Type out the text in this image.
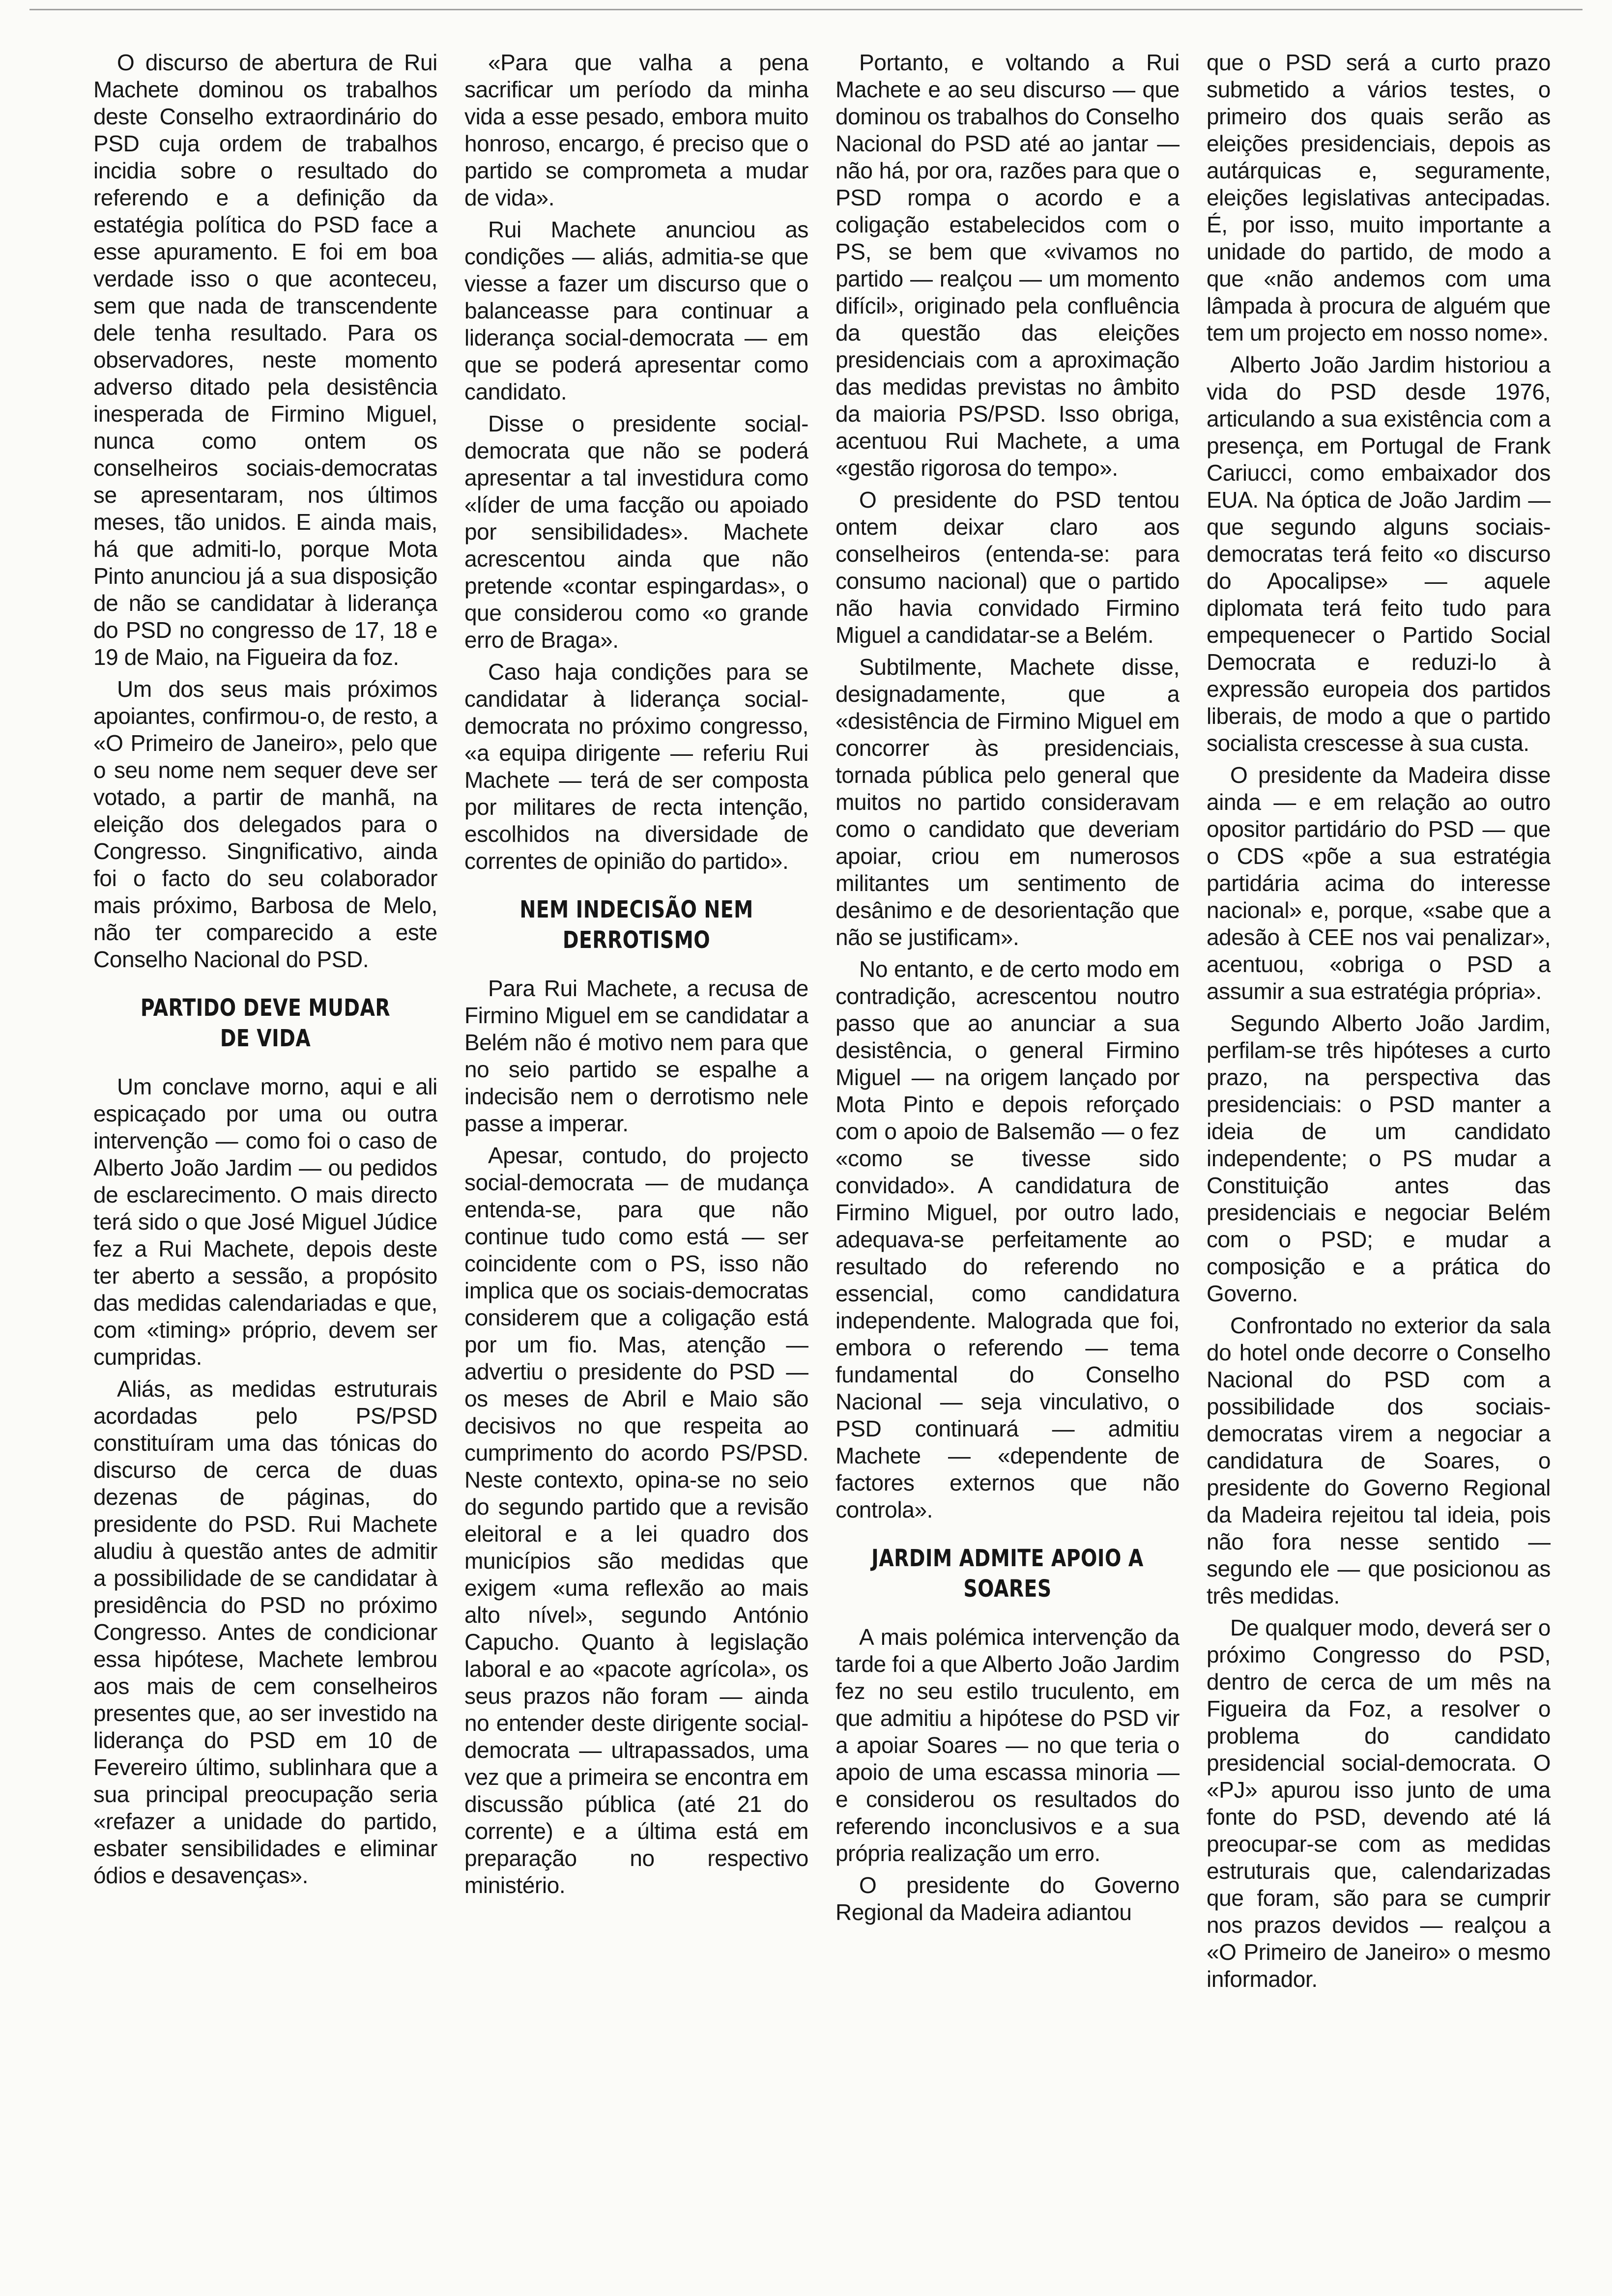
O discurso de abertura de Rui Machete dominou os trabalhos deste Conselho extraordinário do PSD cuja ordem de trabalhos incidia sobre o resultado do referendo e a definição da estatégia política do PSD face a esse apuramento. E foi em boa verdade isso o que aconteceu, sem que nada de transcendente dele tenha resultado. Para os observadores, neste momento adverso ditado pela desistência inesperada de Firmino Miguel, nunca como ontem os conselheiros sociais-democratas se apresentaram, nos últimos meses, tão unidos. E ainda mais, há que admiti-lo, porque Mota Pinto anunciou já a sua disposição de não se candidatar à liderança do PSD no congresso de 17, 18 e 19 de Maio, na Figueira da foz.

Um dos seus mais próximos apoiantes, confirmou-o, de resto, a «O Primeiro de Janeiro», pelo que o seu nome nem sequer deve ser votado, a partir de manhã, na eleição dos delegados para o Congresso. Singnificativo, ainda foi o facto do seu colaborador mais próximo, Barbosa de Melo, não ter comparecido a este Conselho Nacional do PSD.

PARTIDO DEVE MUDAR DE VIDA

Um conclave morno, aqui e ali espicaçado por uma ou outra intervenção — como foi o caso de Alberto João Jardim — ou pedidos de esclarecimento. O mais directo terá sido o que José Miguel Júdice fez a Rui Machete, depois deste ter aberto a sessão, a propósito das medidas calendariadas e que, com «timing» próprio, devem ser cumpridas.

Aliás, as medidas estruturais acordadas pelo PS/PSD constituíram uma das tónicas do discurso de cerca de duas dezenas de páginas, do presidente do PSD. Rui Machete aludiu à questão antes de admitir a possibilidade de se candidatar à presidência do PSD no próximo Congresso. Antes de condicionar essa hipótese, Machete lembrou aos mais de cem conselheiros presentes que, ao ser investido na liderança do PSD em 10 de Fevereiro último, sublinhara que a sua principal preocupação seria «refazer a unidade do partido, esbater sensibilidades e eliminar ódios e desavenças».

«Para que valha a pena sacrificar um período da minha vida a esse pesado, embora muito honroso, encargo, é preciso que o partido se comprometa a mudar de vida».

Rui Machete anunciou as condições — aliás, admitia-se que viesse a fazer um discurso que o balanceasse para continuar a liderança social-democrata — em que se poderá apresentar como candidato.

Disse o presidente social-democrata que não se poderá apresentar a tal investidura como «líder de uma facção ou apoiado por sensibilidades». Machete acrescentou ainda que não pretende «contar espingardas», o que considerou como «o grande erro de Braga».

Caso haja condições para se candidatar à liderança social-democrata no próximo congresso, «a equipa dirigente — referiu Rui Machete — terá de ser composta por militares de recta intenção, escolhidos na diversidade de correntes de opinião do partido».

NEM INDECISÃO NEM DERROTISMO

Para Rui Machete, a recusa de Firmino Miguel em se candidatar a Belém não é motivo nem para que no seio partido se espalhe a indecisão nem o derrotismo nele passe a imperar.

Apesar, contudo, do projecto social-democrata — de mudança entenda-se, para que não continue tudo como está — ser coincidente com o PS, isso não implica que os sociais-democratas considerem que a coligação está por um fio. Mas, atenção — advertiu o presidente do PSD — os meses de Abril e Maio são decisivos no que respeita ao cumprimento do acordo PS/PSD. Neste contexto, opina-se no seio do segundo partido que a revisão eleitoral e a lei quadro dos municípios são medidas que exigem «uma reflexão ao mais alto nível», segundo António Capucho. Quanto à legislação laboral e ao «pacote agrícola», os seus prazos não foram — ainda no entender deste dirigente social-democrata — ultrapassados, uma vez que a primeira se encontra em discussão pública (até 21 do corrente) e a última está em preparação no respectivo ministério.

Portanto, e voltando a Rui Machete e ao seu discurso — que dominou os trabalhos do Conselho Nacional do PSD até ao jantar — não há, por ora, razões para que o PSD rompa o acordo e a coligação estabelecidos com o PS, se bem que «vivamos no partido — realçou — um momento difícil», originado pela confluência da questão das eleições presidenciais com a aproximação das medidas previstas no âmbito da maioria PS/PSD. Isso obriga, acentuou Rui Machete, a uma «gestão rigorosa do tempo».

O presidente do PSD tentou ontem deixar claro aos conselheiros (entenda-se: para consumo nacional) que o partido não havia convidado Firmino Miguel a candidatar-se a Belém.

Subtilmente, Machete disse, designadamente, que a «desistência de Firmino Miguel em concorrer às presidenciais, tornada pública pelo general que muitos no partido consideravam como o candidato que deveriam apoiar, criou em numerosos militantes um sentimento de desânimo e de desorientação que não se justificam».

No entanto, e de certo modo em contradição, acrescentou noutro passo que ao anunciar a sua desistência, o general Firmino Miguel — na origem lançado por Mota Pinto e depois reforçado com o apoio de Balsemão — o fez «como se tivesse sido convidado». A candidatura de Firmino Miguel, por outro lado, adequava-se perfeitamente ao resultado do referendo no essencial, como candidatura independente. Malograda que foi, embora o referendo — tema fundamental do Conselho Nacional — seja vinculativo, o PSD continuará — admitiu Machete — «dependente de factores externos que não controla».

JARDIM ADMITE APOIO A SOARES

A mais polémica intervenção da tarde foi a que Alberto João Jardim fez no seu estilo truculento, em que admitiu a hipótese do PSD vir a apoiar Soares — no que teria o apoio de uma escassa minoria — e considerou os resultados do referendo inconclusivos e a sua própria realização um erro.

O presidente do Governo Regional da Madeira adiantou

que o PSD será a curto prazo submetido a vários testes, o primeiro dos quais serão as eleições presidenciais, depois as autárquicas e, seguramente, eleições legislativas antecipadas. É, por isso, muito importante a unidade do partido, de modo a que «não andemos com uma lâmpada à procura de alguém que tem um projecto em nosso nome».

Alberto João Jardim historiou a vida do PSD desde 1976, articulando a sua existência com a presença, em Portugal de Frank Cariucci, como embaixador dos EUA. Na óptica de João Jardim — que segundo alguns sociais-democratas terá feito «o discurso do Apocalipse» — aquele diplomata terá feito tudo para empequenecer o Partido Social Democrata e reduzi-lo à expressão europeia dos partidos liberais, de modo a que o partido socialista crescesse à sua custa.

O presidente da Madeira disse ainda — e em relação ao outro opositor partidário do PSD — que o CDS «põe a sua estratégia partidária acima do interesse nacional» e, porque, «sabe que a adesão à CEE nos vai penalizar», acentuou, «obriga o PSD a assumir a sua estratégia própria».

Segundo Alberto João Jardim, perfilam-se três hipóteses a curto prazo, na perspectiva das presidenciais: o PSD manter a ideia de um candidato independente; o PS mudar a Constituição antes das presidenciais e negociar Belém com o PSD; e mudar a composição e a prática do Governo.

Confrontado no exterior da sala do hotel onde decorre o Conselho Nacional do PSD com a possibilidade dos sociais-democratas virem a negociar a candidatura de Soares, o presidente do Governo Regional da Madeira rejeitou tal ideia, pois não fora nesse sentido — segundo ele — que posicionou as três medidas.

De qualquer modo, deverá ser o próximo Congresso do PSD, dentro de cerca de um mês na Figueira da Foz, a resolver o problema do candidato presidencial social-democrata. O «PJ» apurou isso junto de uma fonte do PSD, devendo até lá preocupar-se com as medidas estruturais que, calendarizadas que foram, são para se cumprir nos prazos devidos — realçou a «O Primeiro de Janeiro» o mesmo informador.
